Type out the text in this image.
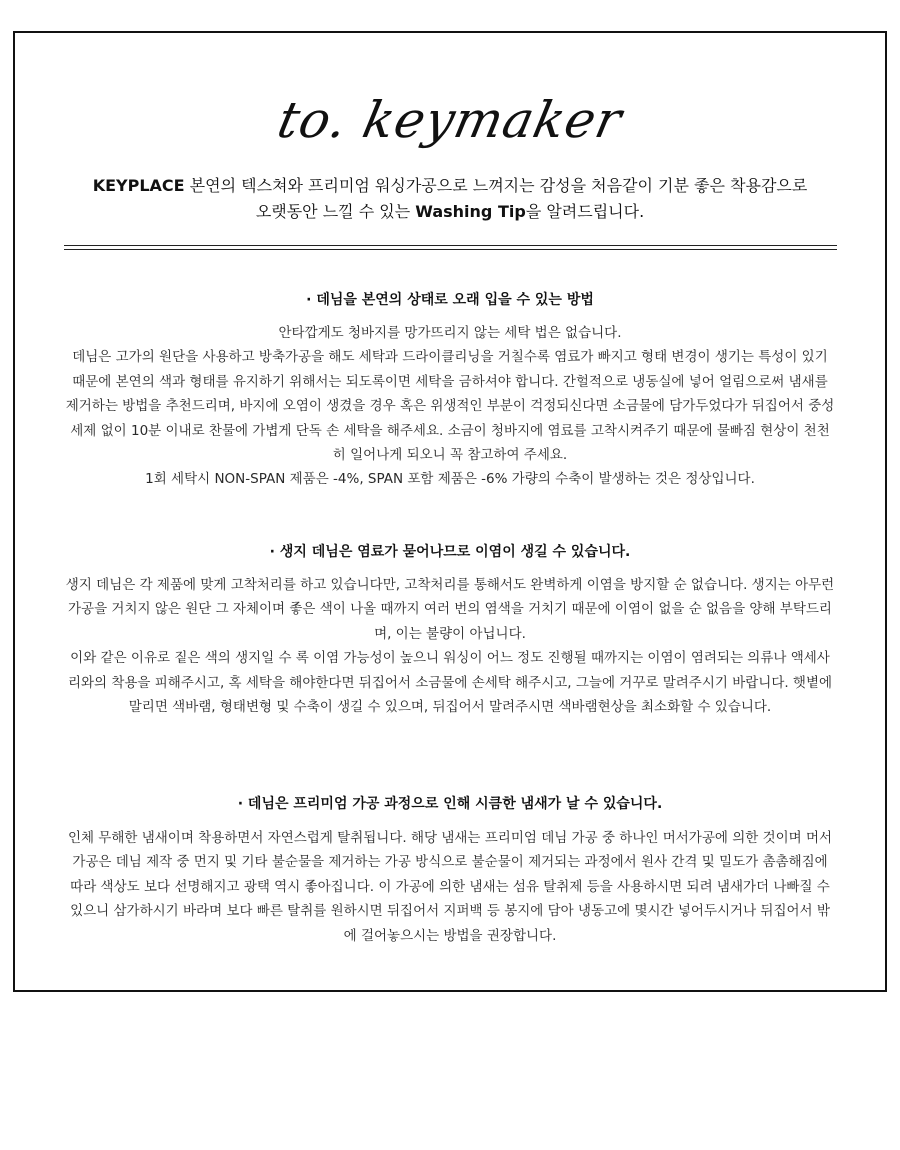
to. keymaker
KEYPLACE 본연의 텍스쳐와 프리미엄 워싱가공으로 느껴지는 감성을 처음같이 기분 좋은 착용감으로
오랫동안 느낄 수 있는 Washing Tip을 알려드립니다.
· 데님을 본연의 상태로 오래 입을 수 있는 방법

안타깝게도 청바지를 망가뜨리지 않는 세탁 법은 없습니다.

데님은 고가의 원단을 사용하고 방축가공을 해도 세탁과 드라이클리닝을 거칠수록 염료가 빠지고 형태 변경이 생기는 특성이 있기 때문에 본연의 색과 형태를 유지하기 위해서는 되도록이면 세탁을 금하셔야 합니다. 간헐적으로 냉동실에 넣어 얼림으로써 냄새를 제거하는 방법을 추천드리며, 바지에 오염이 생겼을 경우 혹은 위생적인 부분이 걱정되신다면 소금물에 담가두었다가 뒤집어서 중성세제 없이 10분 이내로 찬물에 가볍게 단독 손 세탁을 해주세요. 소금이 청바지에 염료를 고착시켜주기 때문에 물빠짐 현상이 천천히 일어나게 되오니 꼭 참고하여 주세요.

1회 세탁시 NON-SPAN 제품은 -4%, SPAN 포함 제품은 -6% 가량의 수축이 발생하는 것은 정상입니다.

· 생지 데님은 염료가 묻어나므로 이염이 생길 수 있습니다.

생지 데님은 각 제품에 맞게 고착처리를 하고 있습니다만, 고착처리를 통해서도 완벽하게 이염을 방지할 순 없습니다. 생지는 아무런 가공을 거치지 않은 원단 그 자체이며 좋은 색이 나올 때까지 여러 번의 염색을 거치기 때문에 이염이 없을 순 없음을 양해 부탁드리며, 이는 불량이 아닙니다.

이와 같은 이유로 짙은 색의 생지일 수 록 이염 가능성이 높으니 워싱이 어느 정도 진행될 때까지는 이염이 염려되는 의류나 액세사리와의 착용을 피해주시고, 혹 세탁을 해야한다면 뒤집어서 소금물에 손세탁 해주시고, 그늘에 거꾸로 말려주시기 바랍니다. 햇볕에 말리면 색바램, 형태변형 및 수축이 생길 수 있으며, 뒤집어서 말려주시면 색바램현상을 최소화할 수 있습니다.

· 데님은 프리미엄 가공 과정으로 인해 시큼한 냄새가 날 수 있습니다.

인체 무해한 냄새이며 착용하면서 자연스럽게 탈취됩니다. 해당 냄새는 프리미엄 데님 가공 중 하나인 머서가공에 의한 것이며 머서가공은 데님 제작 중 먼지 및 기타 불순물을 제거하는 가공 방식으로 불순물이 제거되는 과정에서 원사 간격 및 밀도가 촘촘해짐에 따라 색상도 보다 선명해지고 광택 역시 좋아집니다. 이 가공에 의한 냄새는 섬유 탈취제 등을 사용하시면 되려 냄새가더 나빠질 수 있으니 삼가하시기 바라며 보다 빠른 탈취를 원하시면 뒤집어서 지퍼백 등 봉지에 담아 냉동고에 몇시간 넣어두시거나 뒤집어서 밖에 걸어놓으시는 방법을 권장합니다.
